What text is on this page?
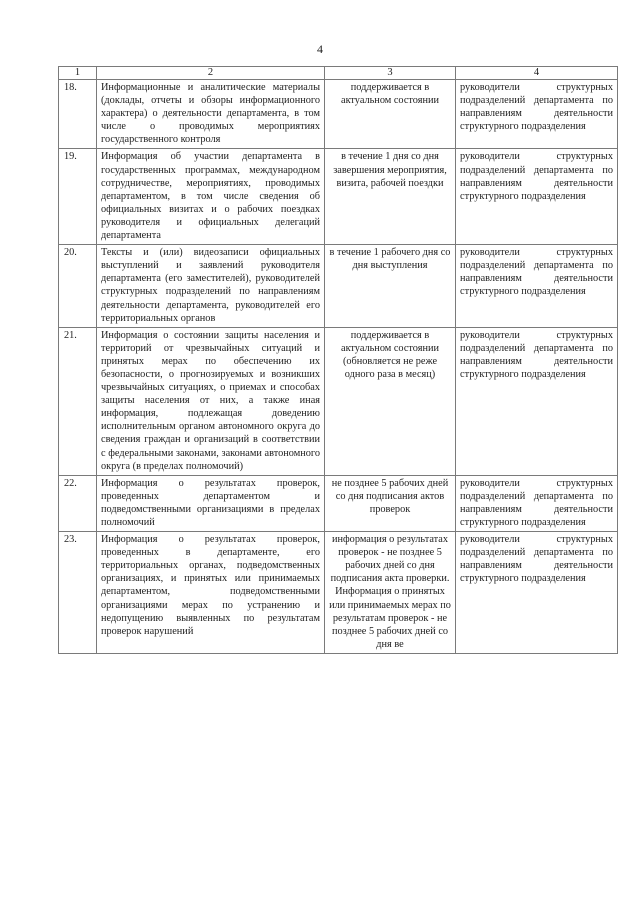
4
1	2	3	4
18.	Информационные и аналитические материалы (доклады, отчеты и обзоры информационного характера) о деятельности департамента, в том числе о проводимых мероприятиях государственного контроля	поддерживается в актуальном состоянии	руководители структурных подразделений департамента по направлениям деятельности структурного подразделения
19.	Информация об участии департамента в государственных программах, международном сотрудничестве, мероприятиях, проводимых департаментом, в том числе сведения об официальных визитах и о рабочих поездках руководителя и официальных делегаций департамента	в течение 1 дня со дня завершения мероприятия, визита, рабочей поездки	руководители структурных подразделений департамента по направлениям деятельности структурного подразделения
20.	Тексты и (или) видеозаписи официальных выступлений и заявлений руководителя департамента (его заместителей), руководителей структурных подразделений по направлениям деятельности департамента, руководителей его территориальных органов	в течение 1 рабочего дня со дня выступления	руководители структурных подразделений департамента по направлениям деятельности структурного подразделения
21.	Информация о состоянии защиты населения и территорий от чрезвычайных ситуаций и принятых мерах по обеспечению их безопасности, о прогнозируемых и возникших чрезвычайных ситуациях, о приемах и способах защиты населения от них, а также иная информация, подлежащая доведению исполнительным органом автономного округа до сведения граждан и организаций в соответствии с федеральными законами, законами автономного округа (в пределах полномочий)	поддерживается в актуальном состоянии (обновляется не реже одного раза в месяц)	руководители структурных подразделений департамента по направлениям деятельности структурного подразделения
22.	Информация о результатах проверок, проведенных департаментом и подведомственными организациями в пределах полномочий	не позднее 5 рабочих дней со дня подписания актов проверок	руководители структурных подразделений департамента по направлениям деятельности структурного подразделения
23.	Информация о результатах проверок, проведенных в департаменте, его территориальных органах, подведомственных организациях, и принятых или принимаемых департаментом, подведомственными организациями мерах по устранению и недопущению выявленных по результатам проверок нарушений	информация о результатах проверок - не позднее 5 рабочих дней со дня подписания акта проверки. Информация о принятых или принимаемых мерах по результатам проверок - не позднее 5 рабочих дней со дня ве	руководители структурных подразделений департамента по направлениям деятельности структурного подразделения
